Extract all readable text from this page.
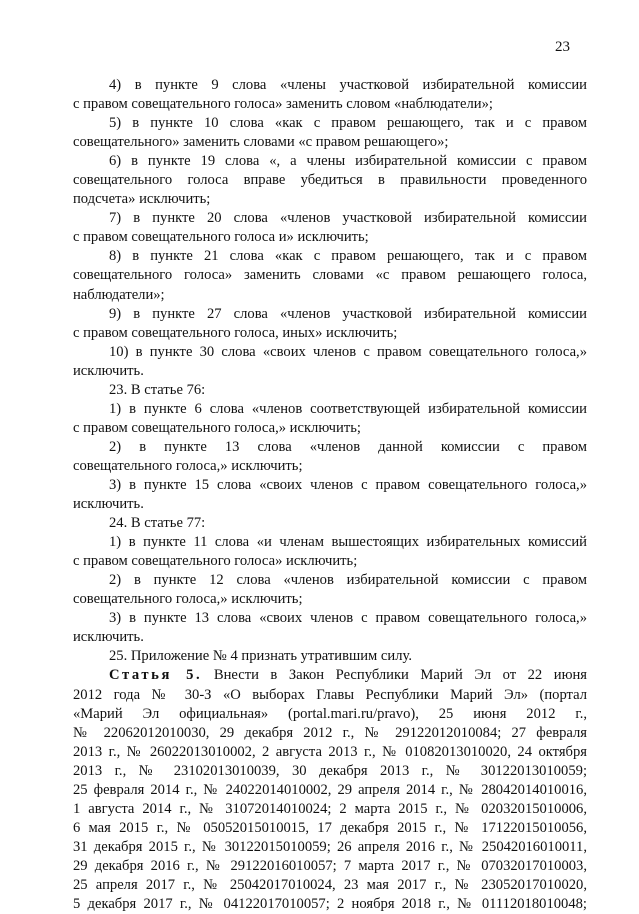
23
4) в пункте 9 слова «члены участковой избирательной комиссии
с правом совещательного голоса» заменить словом «наблюдатели»;
5) в пункте 10 слова «как с правом решающего, так и с правом
совещательного» заменить словами «с правом решающего»;
6) в пункте 19 слова «, а члены избирательной комиссии с правом
совещательного голоса вправе убедиться в правильности проведенного
подсчета» исключить;
7) в пункте 20 слова «членов участковой избирательной комиссии
с правом совещательного голоса и» исключить;
8) в пункте 21 слова «как с правом решающего, так и с правом
совещательного голоса» заменить словами «с правом решающего голоса,
наблюдатели»;
9) в пункте 27 слова «членов участковой избирательной комиссии
с правом совещательного голоса, иных» исключить;
10) в пункте 30 слова «своих членов с правом совещательного голоса,»
исключить.
23. В статье 76:
1) в пункте 6 слова «членов соответствующей избирательной комиссии
с правом совещательного голоса,» исключить;
2) в пункте 13 слова «членов данной комиссии с правом
совещательного голоса,» исключить;
3) в пункте 15 слова «своих членов с правом совещательного голоса,»
исключить.
24. В статье 77:
1) в пункте 11 слова «и членам вышестоящих избирательных комиссий
с правом совещательного голоса» исключить;
2) в пункте 12 слова «членов избирательной комиссии с правом
совещательного голоса,» исключить;
3) в пункте 13 слова «своих членов с правом совещательного голоса,»
исключить.
25. Приложение № 4 признать утратившим силу.
Статья 5. Внести в Закон Республики Марий Эл от 22 июня
2012 года № 30-З «О выборах Главы Республики Марий Эл» (портал
«Марий Эл официальная» (portal.mari.ru/pravo), 25 июня 2012 г.,
№ 22062012010030, 29 декабря 2012 г., № 29122012010084; 27 февраля
2013 г., № 26022013010002, 2 августа 2013 г., № 01082013010020, 24 октября
2013 г., № 23102013010039, 30 декабря 2013 г., № 30122013010059;
25 февраля 2014 г., № 24022014010002, 29 апреля 2014 г., № 28042014010016,
1 августа 2014 г., № 31072014010024; 2 марта 2015 г., № 02032015010006,
6 мая 2015 г., № 05052015010015, 17 декабря 2015 г., № 17122015010056,
31 декабря 2015 г., № 30122015010059; 26 апреля 2016 г., № 25042016010011,
29 декабря 2016 г., № 29122016010057; 7 марта 2017 г., № 07032017010003,
25 апреля 2017 г., № 25042017010024, 23 мая 2017 г., № 23052017010020,
5 декабря 2017 г., № 04122017010057; 2 ноября 2018 г., № 01112018010048;
